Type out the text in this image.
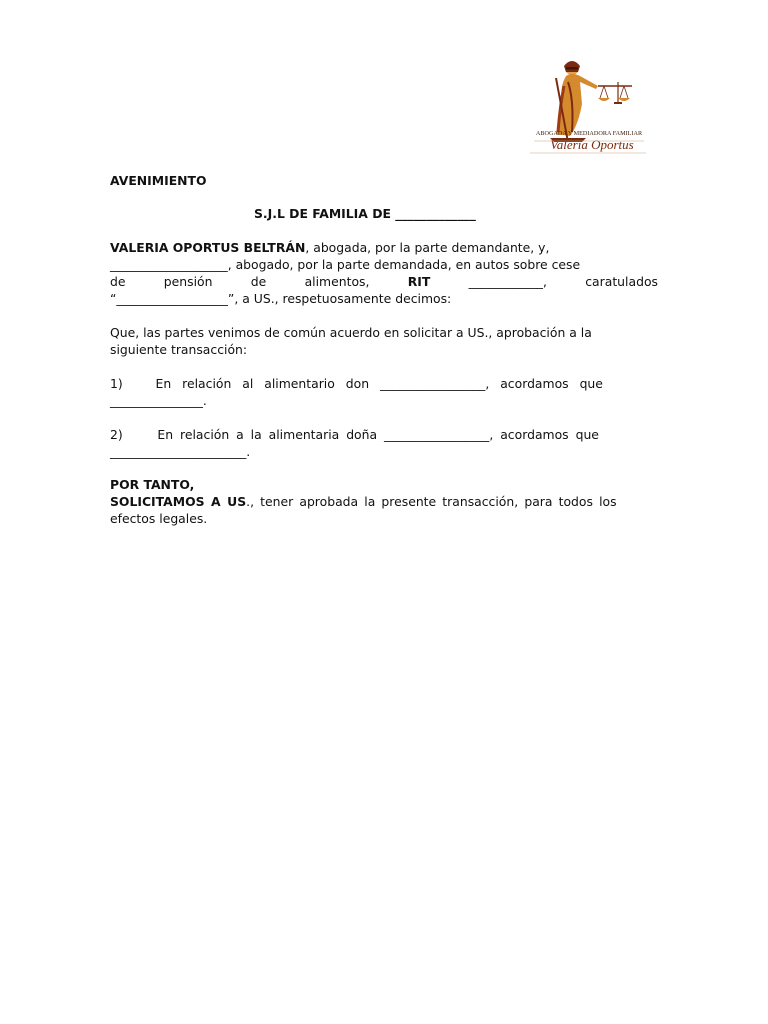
ABOGADA Y MEDIADORA FAMILIAR
Valeria Oportus
AVENIMIENTO
S.J.L DE FAMILIA DE _____________
VALERIA OPORTUS BELTRÁN, abogada, por la parte demandante, y,
___________________, abogado, por la parte demandada, en autos sobre cese
de	pensión	de	alimentos,	RIT	____________,	caratulados
“__________________”, a US., respetuosamente decimos:
Que, las partes venimos de común acuerdo en solicitar a US., aprobación a la
siguiente transacción:
1)   En relación al alimentario don _________________, acordamos que
_______________.
2)     En relación a la alimentaria doña _________________, acordamos que
______________________.
POR TANTO,
SOLICITAMOS A US., tener aprobada la presente transacción, para todos los
efectos legales.
